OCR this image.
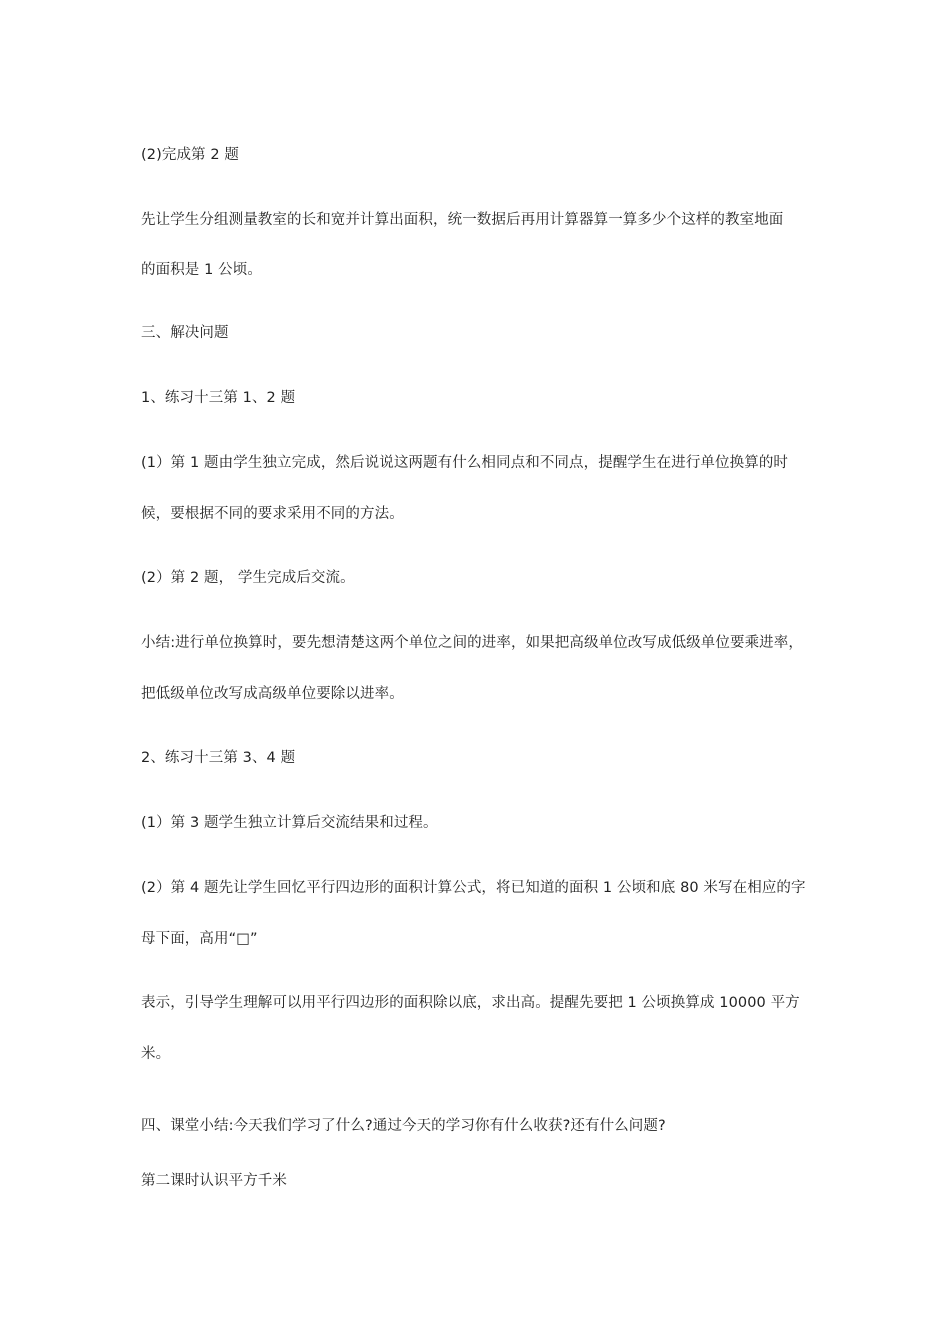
(2)完成第 2 题
先让学生分组测量教室的长和宽并计算出面积，统一数据后再用计算器算一算多少个这样的教室地面
的面积是 1 公顷。
三、解决问题
1、练习十三第 1、2 题
(1）第 1 题由学生独立完成，然后说说这两题有什么相同点和不同点，提醒学生在进行单位换算的时
候，要根据不同的要求采用不同的方法。
(2）第 2 题， 学生完成后交流。
小结:进行单位换算时，要先想清楚这两个单位之间的进率，如果把高级单位改写成低级单位要乘进率，
把低级单位改写成高级单位要除以进率。
2、练习十三第 3、4 题
(1）第 3 题学生独立计算后交流结果和过程。
(2）第 4 题先让学生回忆平行四边形的面积计算公式，将已知道的面积 1 公顷和底 80 米写在相应的字
母下面，高用“□”
表示，引导学生理解可以用平行四边形的面积除以底，求出高。提醒先要把 1 公顷换算成 10000 平方
米。
四、课堂小结:今天我们学习了什么?通过今天的学习你有什么收获?还有什么问题?
第二课时认识平方千米
